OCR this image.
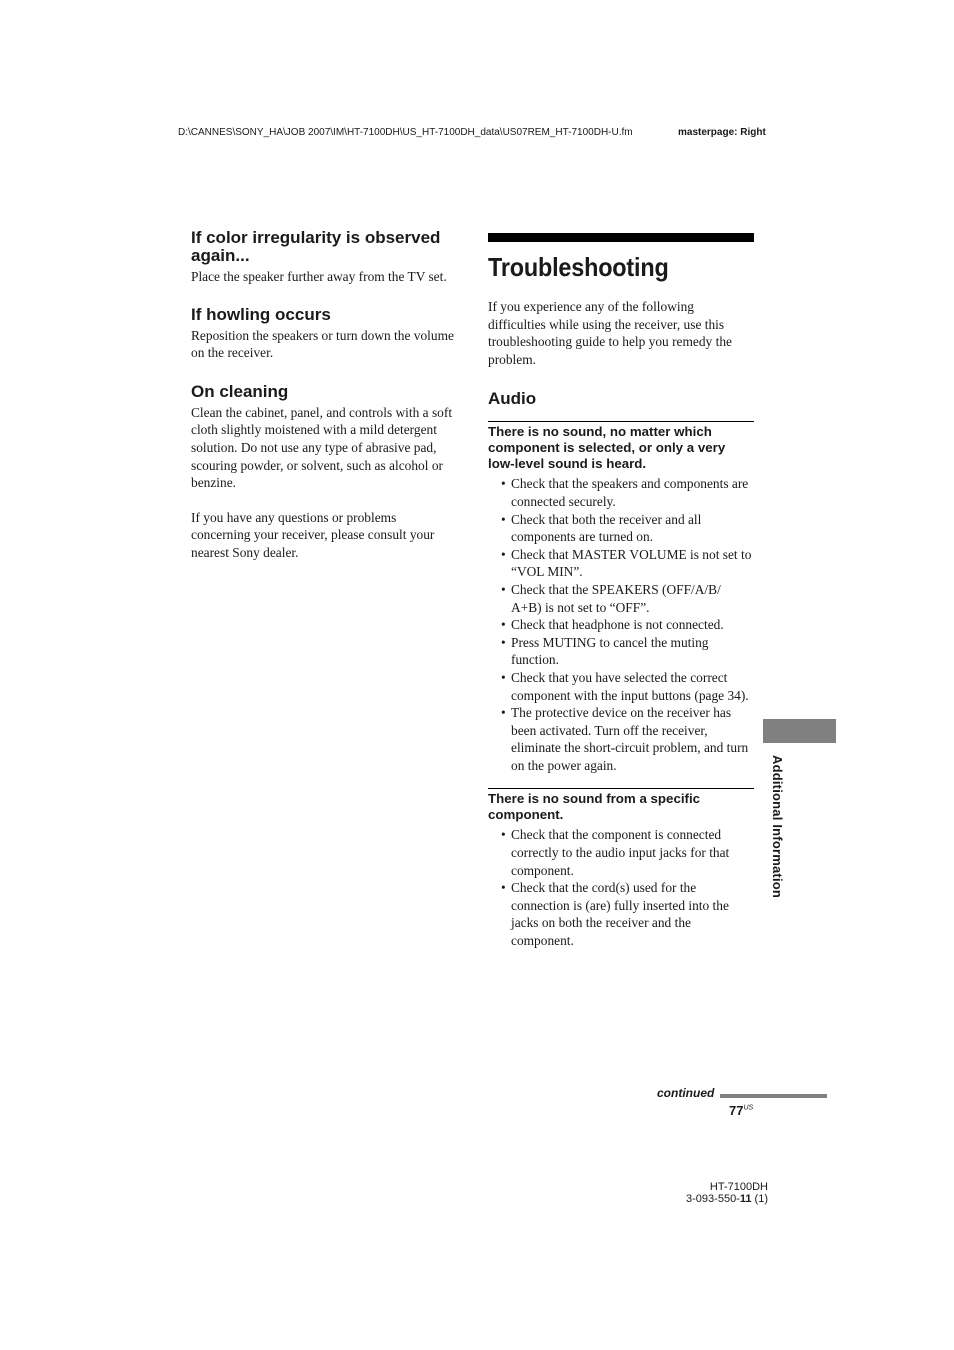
D:\CANNES\SONY_HA\JOB 2007\IM\HT-7100DH\US_HT-7100DH_data\US07REM_HT-7100DH-U.fm	masterpage: Right
If color irregularity is observed again...

Place the speaker further away from the TV set.

If howling occurs

Reposition the speakers or turn down the volume on the receiver.

On cleaning

Clean the cabinet, panel, and controls with a soft cloth slightly moistened with a mild detergent solution. Do not use any type of abrasive pad, scouring powder, or solvent, such as alcohol or benzine.

If you have any questions or problems concerning your receiver, please consult your nearest Sony dealer.

Troubleshooting

If you experience any of the following difficulties while using the receiver, use this troubleshooting guide to help you remedy the problem.

Audio

There is no sound, no matter which component is selected, or only a very low-level sound is heard.

• Check that the speakers and components are connected securely.
• Check that both the receiver and all components are turned on.
• Check that MASTER VOLUME is not set to “VOL MIN”.
• Check that the SPEAKERS (OFF/A/B/ A+B) is not set to “OFF”.
• Check that headphone is not connected.
• Press MUTING to cancel the muting function.
• Check that you have selected the correct component with the input buttons (page 34).
• The protective device on the receiver has been activated. Turn off the receiver, eliminate the short-circuit problem, and turn on the power again.

There is no sound from a specific component.

• Check that the component is connected correctly to the audio input jacks for that component.
• Check that the cord(s) used for the connection is (are) fully inserted into the jacks on both the receiver and the component.
Additional Information
continued
$77^{US}$
HT-7100DH
3-093-550-11 (1)
